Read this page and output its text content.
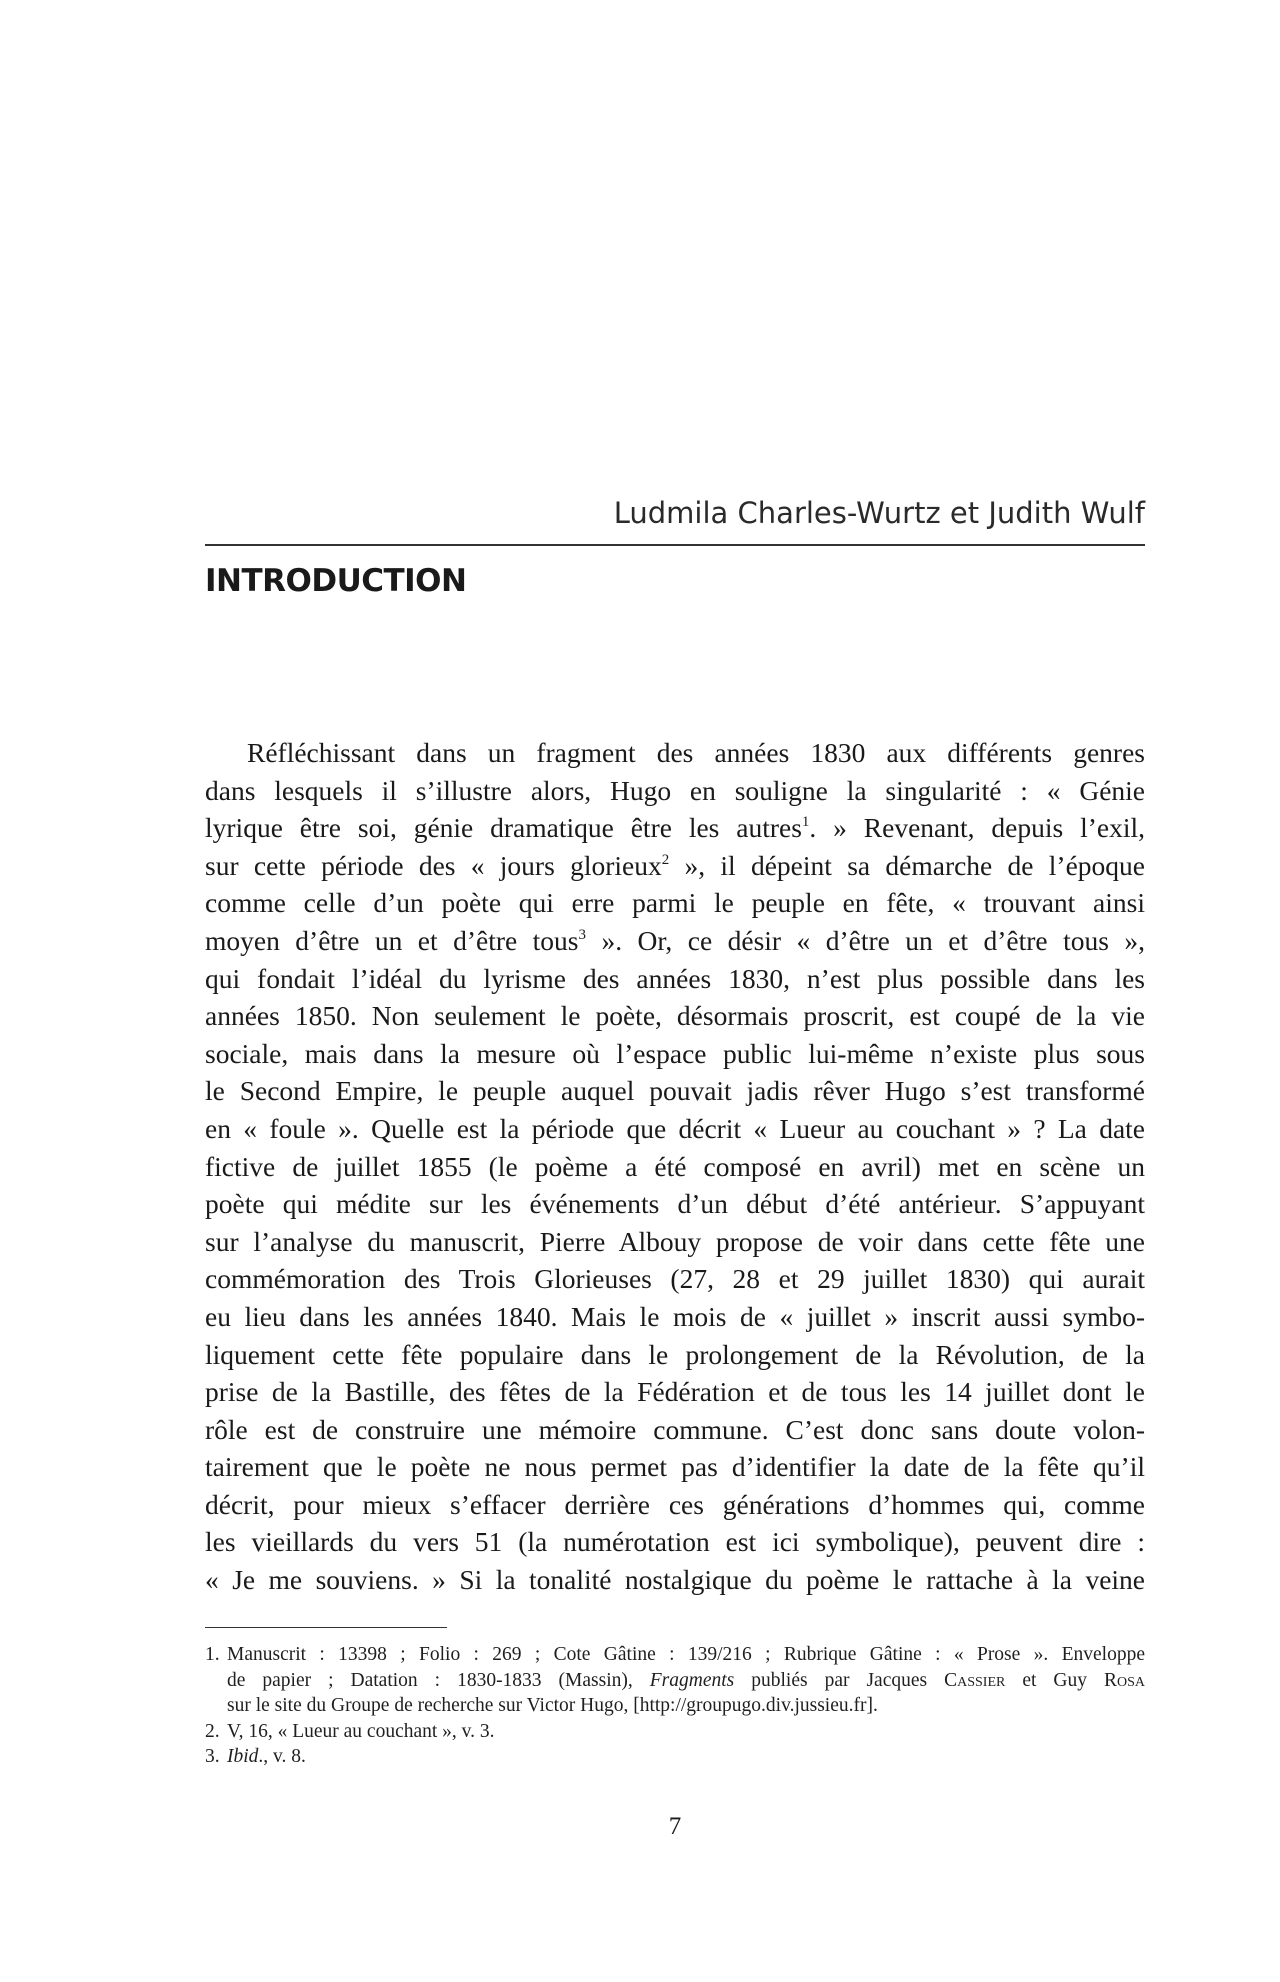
Ludmila Charles-Wurtz et Judith Wulf
INTRODUCTION
Réfléchissant dans un fragment des années 1830 aux différents genres
dans lesquels il s’illustre alors, Hugo en souligne la singularité : « Génie
lyrique être soi, génie dramatique être les autres$^1$. » Revenant, depuis l’exil,
sur cette période des « jours glorieux$^2$ », il dépeint sa démarche de l’époque
comme celle d’un poète qui erre parmi le peuple en fête, « trouvant ainsi
moyen d’être un et d’être tous$^3$ ». Or, ce désir « d’être un et d’être tous »,
qui fondait l’idéal du lyrisme des années 1830, n’est plus possible dans les
années 1850. Non seulement le poète, désormais proscrit, est coupé de la vie
sociale, mais dans la mesure où l’espace public lui-même n’existe plus sous
le Second Empire, le peuple auquel pouvait jadis rêver Hugo s’est transformé
en « foule ». Quelle est la période que décrit « Lueur au couchant » ? La date
fictive de juillet 1855 (le poème a été composé en avril) met en scène un
poète qui médite sur les événements d’un début d’été antérieur. S’appuyant
sur l’analyse du manuscrit, Pierre Albouy propose de voir dans cette fête une
commémoration des Trois Glorieuses (27, 28 et 29 juillet 1830) qui aurait
eu lieu dans les années 1840. Mais le mois de « juillet » inscrit aussi symbo-
liquement cette fête populaire dans le prolongement de la Révolution, de la
prise de la Bastille, des fêtes de la Fédération et de tous les 14 juillet dont le
rôle est de construire une mémoire commune. C’est donc sans doute volon-
tairement que le poète ne nous permet pas d’identifier la date de la fête qu’il
décrit, pour mieux s’effacer derrière ces générations d’hommes qui, comme
les vieillards du vers 51 (la numérotation est ici symbolique), peuvent dire :
« Je me souviens. » Si la tonalité nostalgique du poème le rattache à la veine
1. Manuscrit : 13398 ; Folio : 269 ; Cote Gâtine : 139/216 ; Rubrique Gâtine : « Prose ». Enveloppe
de papier ; Datation : 1830-1833 (Massin), Fragments publiés par Jacques Cassier et Guy Rosa
sur le site du Groupe de recherche sur Victor Hugo, [http://groupugo.div.jussieu.fr].
2. V, 16, « Lueur au couchant », v. 3.
3. Ibid., v. 8.
7
